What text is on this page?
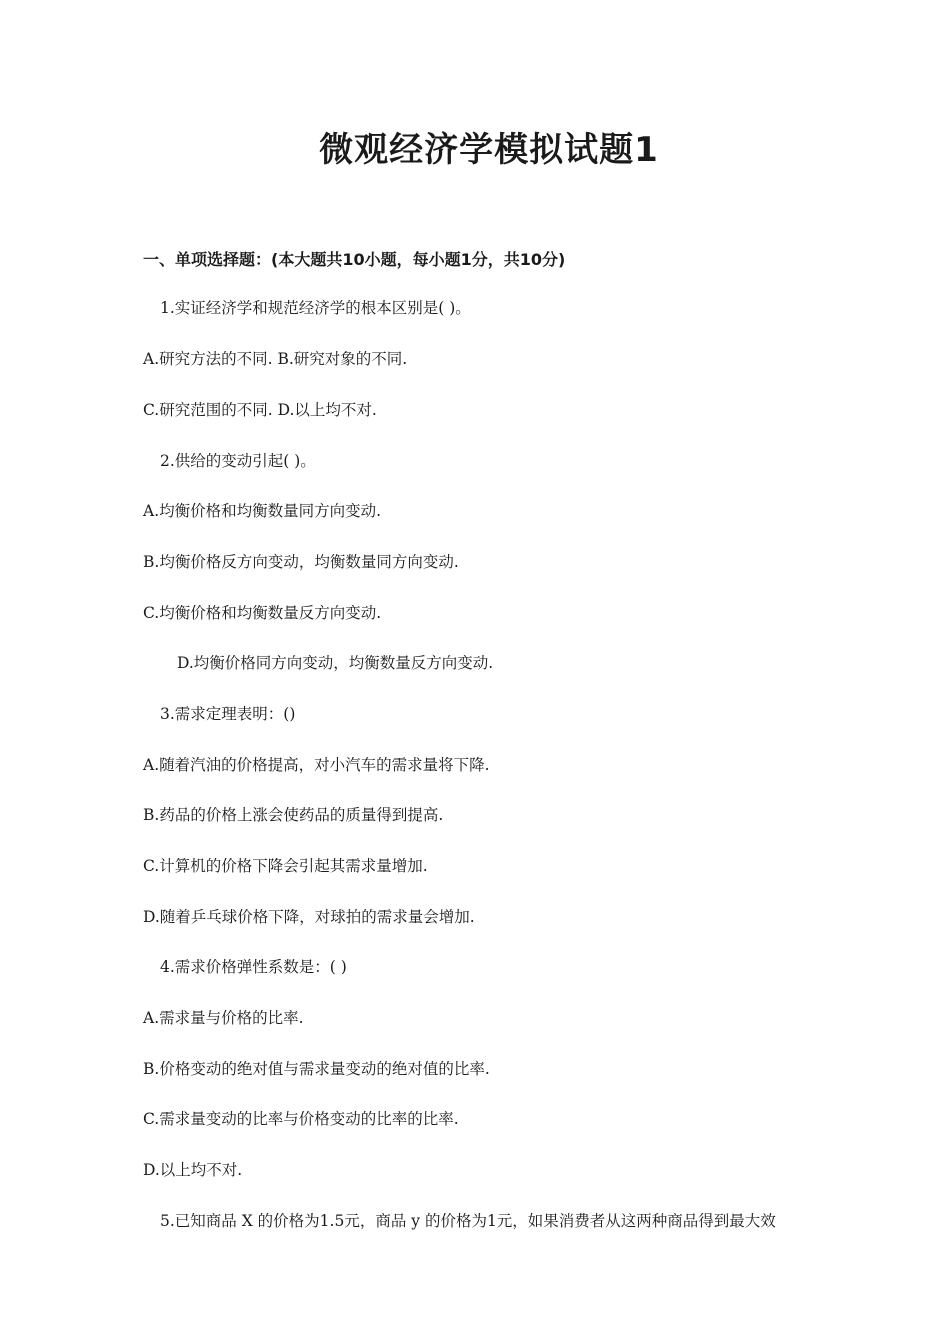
微观经济学模拟试题1
一、单项选择题：(本大题共10小题，每小题1分，共10分)

1.实证经济学和规范经济学的根本区别是( )。

A.研究方法的不同. B.研究对象的不同.

C.研究范围的不同. D.以上均不对.

2.供给的变动引起( )。

A.均衡价格和均衡数量同方向变动.

B.均衡价格反方向变动，均衡数量同方向变动.

C.均衡价格和均衡数量反方向变动.

D.均衡价格同方向变动，均衡数量反方向变动.

3.需求定理表明：()

A.随着汽油的价格提高，对小汽车的需求量将下降.

B.药品的价格上涨会使药品的质量得到提高.

C.计算机的价格下降会引起其需求量增加.

D.随着乒乓球价格下降，对球拍的需求量会增加.

4.需求价格弹性系数是：( )

A.需求量与价格的比率.

B.价格变动的绝对值与需求量变动的绝对值的比率.

C.需求量变动的比率与价格变动的比率的比率.

D.以上均不对.

5.已知商品 X 的价格为1.5元，商品 y 的价格为1元，如果消费者从这两种商品得到最大效
